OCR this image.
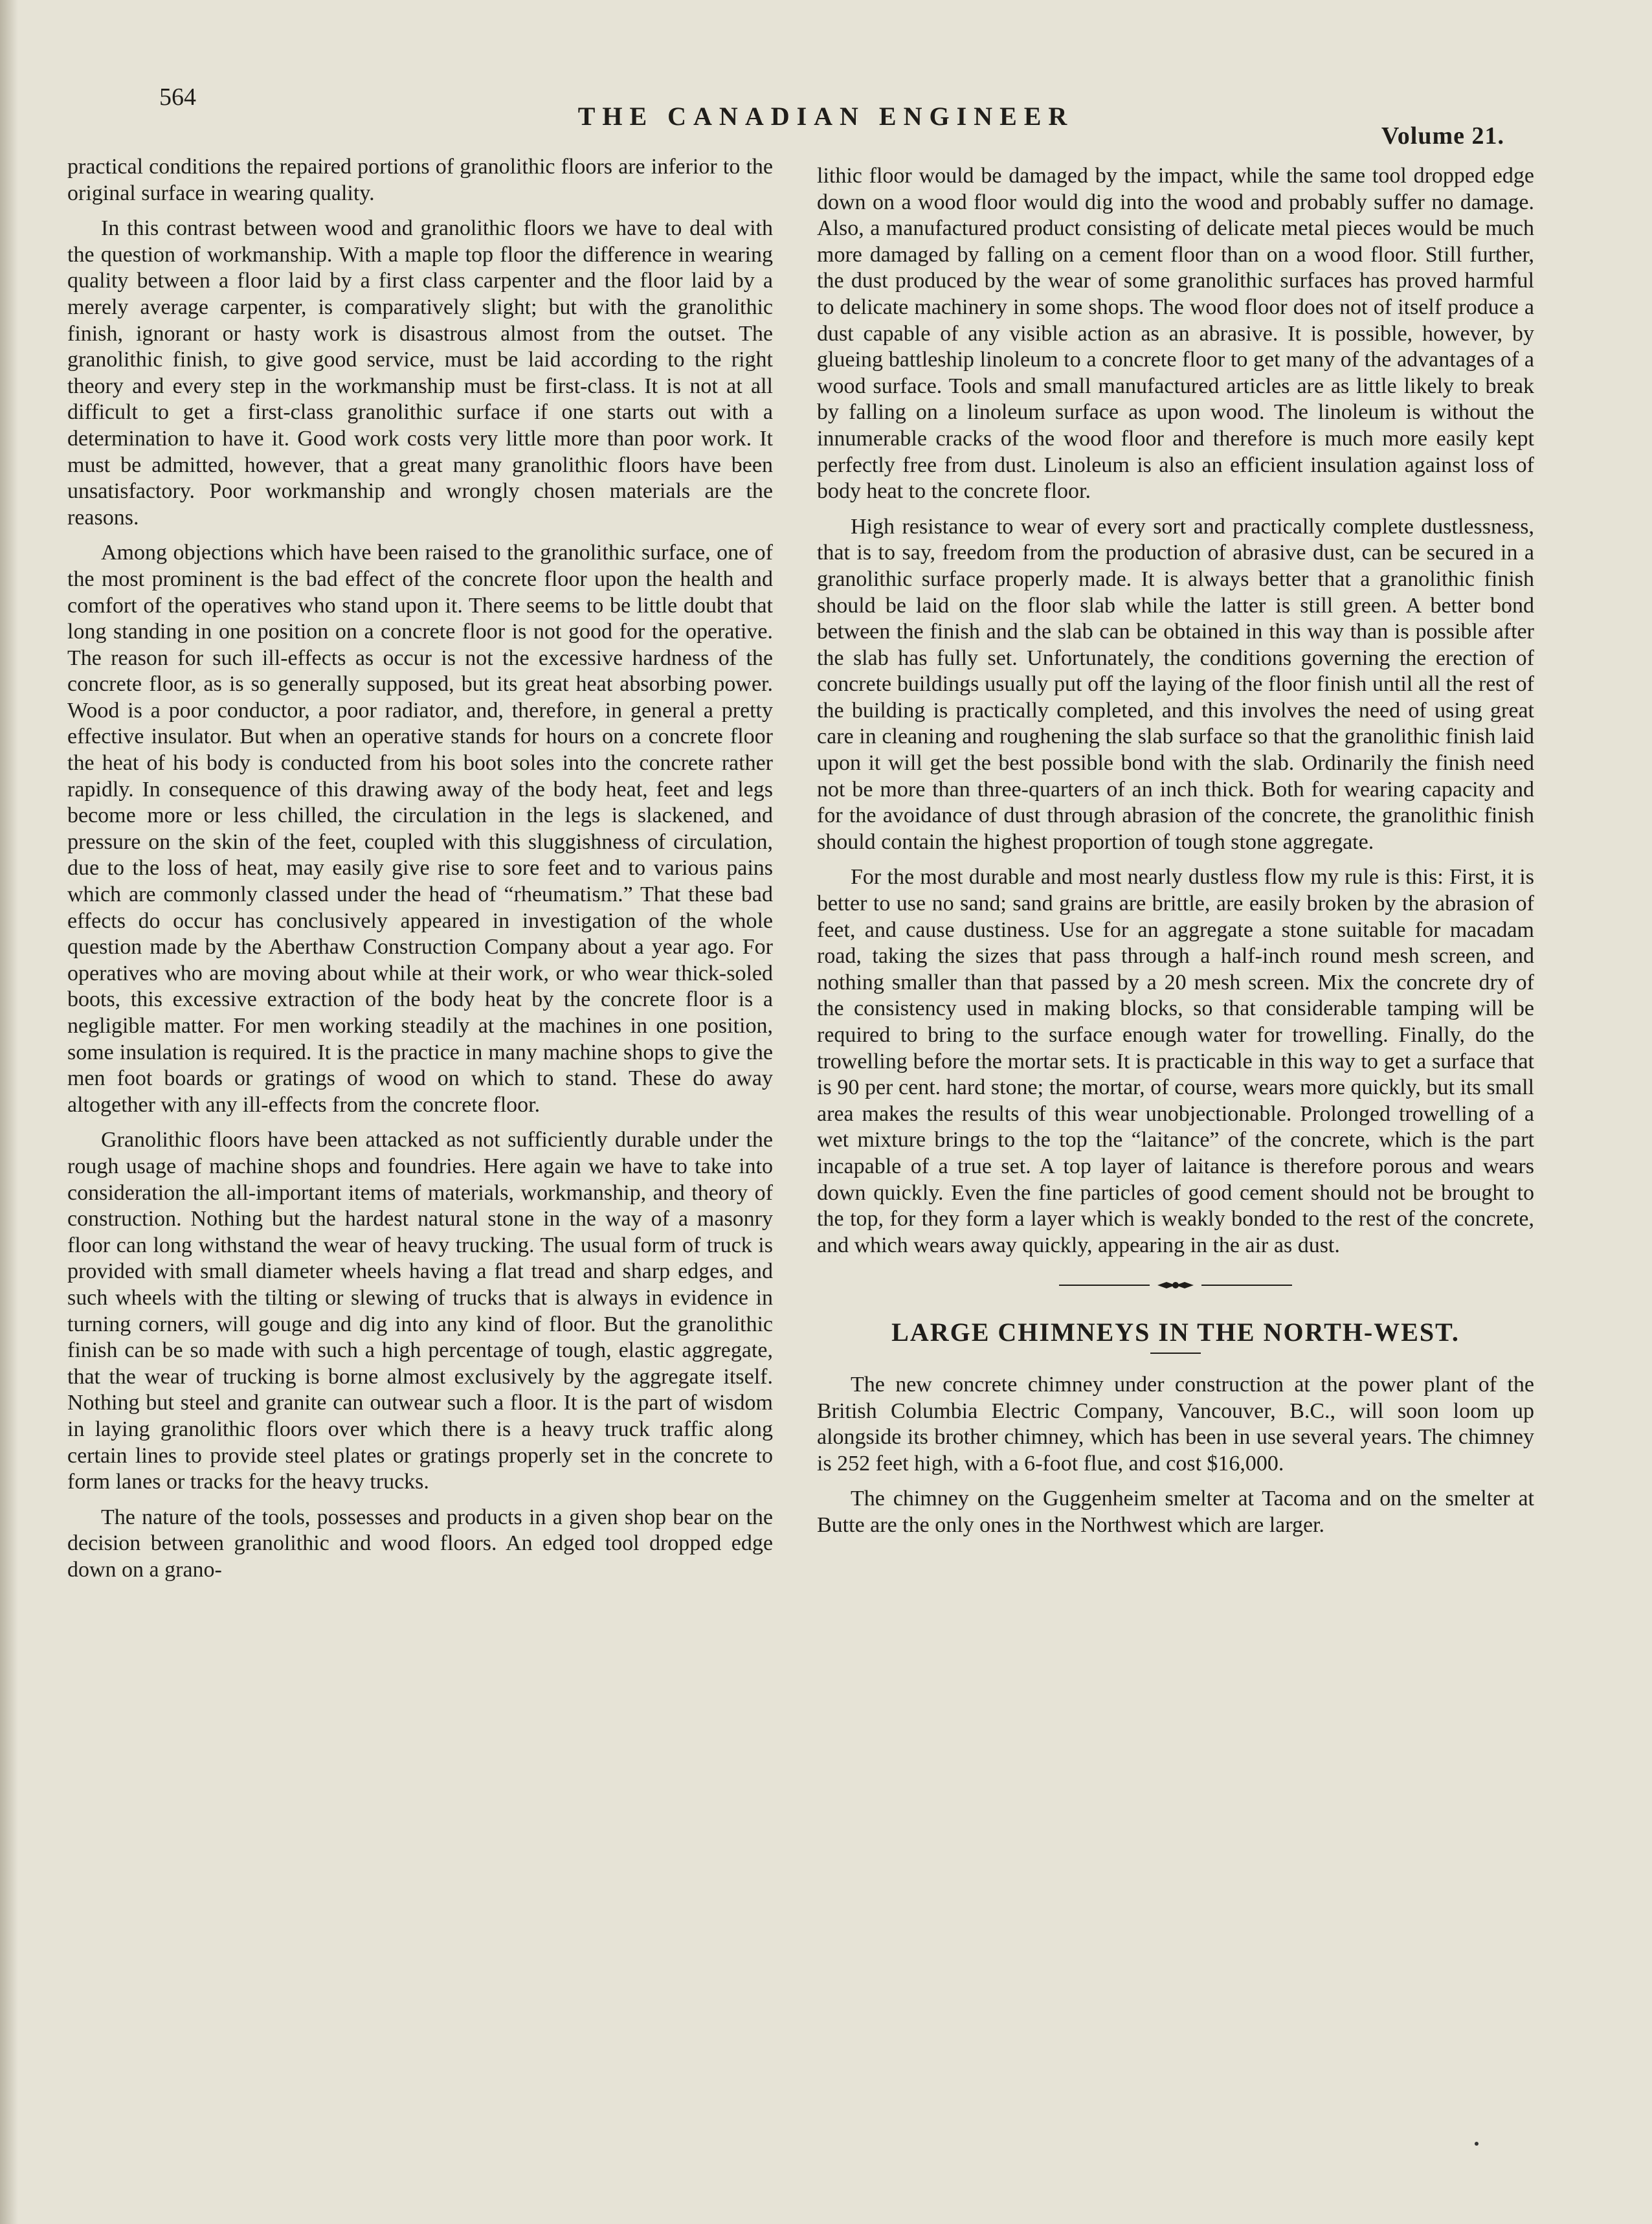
564
THE CANADIAN ENGINEER
Volume 21.

practical conditions the repaired portions of granolithic floors are inferior to the original surface in wearing quality.

In this contrast between wood and granolithic floors we have to deal with the question of workmanship. With a maple top floor the difference in wearing quality between a floor laid by a first class carpenter and the floor laid by a merely average carpenter, is comparatively slight; but with the granolithic finish, ignorant or hasty work is disastrous almost from the outset. The granolithic finish, to give good service, must be laid according to the right theory and every step in the workmanship must be first-class. It is not at all difficult to get a first-class granolithic surface if one starts out with a determination to have it. Good work costs very little more than poor work. It must be admitted, however, that a great many granolithic floors have been unsatisfactory. Poor workmanship and wrongly chosen materials are the reasons.

Among objections which have been raised to the granolithic surface, one of the most prominent is the bad effect of the concrete floor upon the health and comfort of the operatives who stand upon it. There seems to be little doubt that long standing in one position on a concrete floor is not good for the operative. The reason for such ill-effects as occur is not the excessive hardness of the concrete floor, as is so generally supposed, but its great heat absorbing power. Wood is a poor conductor, a poor radiator, and, therefore, in general a pretty effective insulator. But when an operative stands for hours on a concrete floor the heat of his body is conducted from his boot soles into the concrete rather rapidly. In consequence of this drawing away of the body heat, feet and legs become more or less chilled, the circulation in the legs is slackened, and pressure on the skin of the feet, coupled with this sluggishness of circulation, due to the loss of heat, may easily give rise to sore feet and to various pains which are commonly classed under the head of “rheumatism.” That these bad effects do occur has conclusively appeared in investigation of the whole question made by the Aberthaw Construction Company about a year ago. For operatives who are moving about while at their work, or who wear thick-soled boots, this excessive extraction of the body heat by the concrete floor is a negligible matter. For men working steadily at the machines in one position, some insulation is required. It is the practice in many machine shops to give the men foot boards or gratings of wood on which to stand. These do away altogether with any ill-effects from the concrete floor.

Granolithic floors have been attacked as not sufficiently durable under the rough usage of machine shops and foundries. Here again we have to take into consideration the all-important items of materials, workmanship, and theory of construction. Nothing but the hardest natural stone in the way of a masonry floor can long withstand the wear of heavy trucking. The usual form of truck is provided with small diameter wheels having a flat tread and sharp edges, and such wheels with the tilting or slewing of trucks that is always in evidence in turning corners, will gouge and dig into any kind of floor. But the granolithic finish can be so made with such a high percentage of tough, elastic aggregate, that the wear of trucking is borne almost exclusively by the aggregate itself. Nothing but steel and granite can outwear such a floor. It is the part of wisdom in laying granolithic floors over which there is a heavy truck traffic along certain lines to provide steel plates or gratings properly set in the concrete to form lanes or tracks for the heavy trucks.

The nature of the tools, possesses and products in a given shop bear on the decision between granolithic and wood floors. An edged tool dropped edge down on a grano-

lithic floor would be damaged by the impact, while the same tool dropped edge down on a wood floor would dig into the wood and probably suffer no damage. Also, a manufactured product consisting of delicate metal pieces would be much more damaged by falling on a cement floor than on a wood floor. Still further, the dust produced by the wear of some granolithic surfaces has proved harmful to delicate machinery in some shops. The wood floor does not of itself produce a dust capable of any visible action as an abrasive. It is possible, however, by glueing battleship linoleum to a concrete floor to get many of the advantages of a wood surface. Tools and small manufactured articles are as little likely to break by falling on a linoleum surface as upon wood. The linoleum is without the innumerable cracks of the wood floor and therefore is much more easily kept perfectly free from dust. Linoleum is also an efficient insulation against loss of body heat to the concrete floor.

High resistance to wear of every sort and practically complete dustlessness, that is to say, freedom from the production of abrasive dust, can be secured in a granolithic surface properly made. It is always better that a granolithic finish should be laid on the floor slab while the latter is still green. A better bond between the finish and the slab can be obtained in this way than is possible after the slab has fully set. Unfortunately, the conditions governing the erection of concrete buildings usually put off the laying of the floor finish until all the rest of the building is practically completed, and this involves the need of using great care in cleaning and roughening the slab surface so that the granolithic finish laid upon it will get the best possible bond with the slab. Ordinarily the finish need not be more than three-quarters of an inch thick. Both for wearing capacity and for the avoidance of dust through abrasion of the concrete, the granolithic finish should contain the highest proportion of tough stone aggregate.

For the most durable and most nearly dustless flow my rule is this: First, it is better to use no sand; sand grains are brittle, are easily broken by the abrasion of feet, and cause dustiness. Use for an aggregate a stone suitable for macadam road, taking the sizes that pass through a half-inch round mesh screen, and nothing smaller than that passed by a 20 mesh screen. Mix the concrete dry of the consistency used in making blocks, so that considerable tamping will be required to bring to the surface enough water for trowelling. Finally, do the trowelling before the mortar sets. It is practicable in this way to get a surface that is 90 per cent. hard stone; the mortar, of course, wears more quickly, but its small area makes the results of this wear unobjectionable. Prolonged trowelling of a wet mixture brings to the top the “laitance” of the concrete, which is the part incapable of a true set. A top layer of laitance is therefore porous and wears down quickly. Even the fine particles of good cement should not be brought to the top, for they form a layer which is weakly bonded to the rest of the concrete, and which wears away quickly, appearing in the air as dust.

LARGE CHIMNEYS IN THE NORTH-WEST.

The new concrete chimney under construction at the power plant of the British Columbia Electric Company, Vancouver, B.C., will soon loom up alongside its brother chimney, which has been in use several years. The chimney is 252 feet high, with a 6-foot flue, and cost $16,000.

The chimney on the Guggenheim smelter at Tacoma and on the smelter at Butte are the only ones in the Northwest which are larger.
